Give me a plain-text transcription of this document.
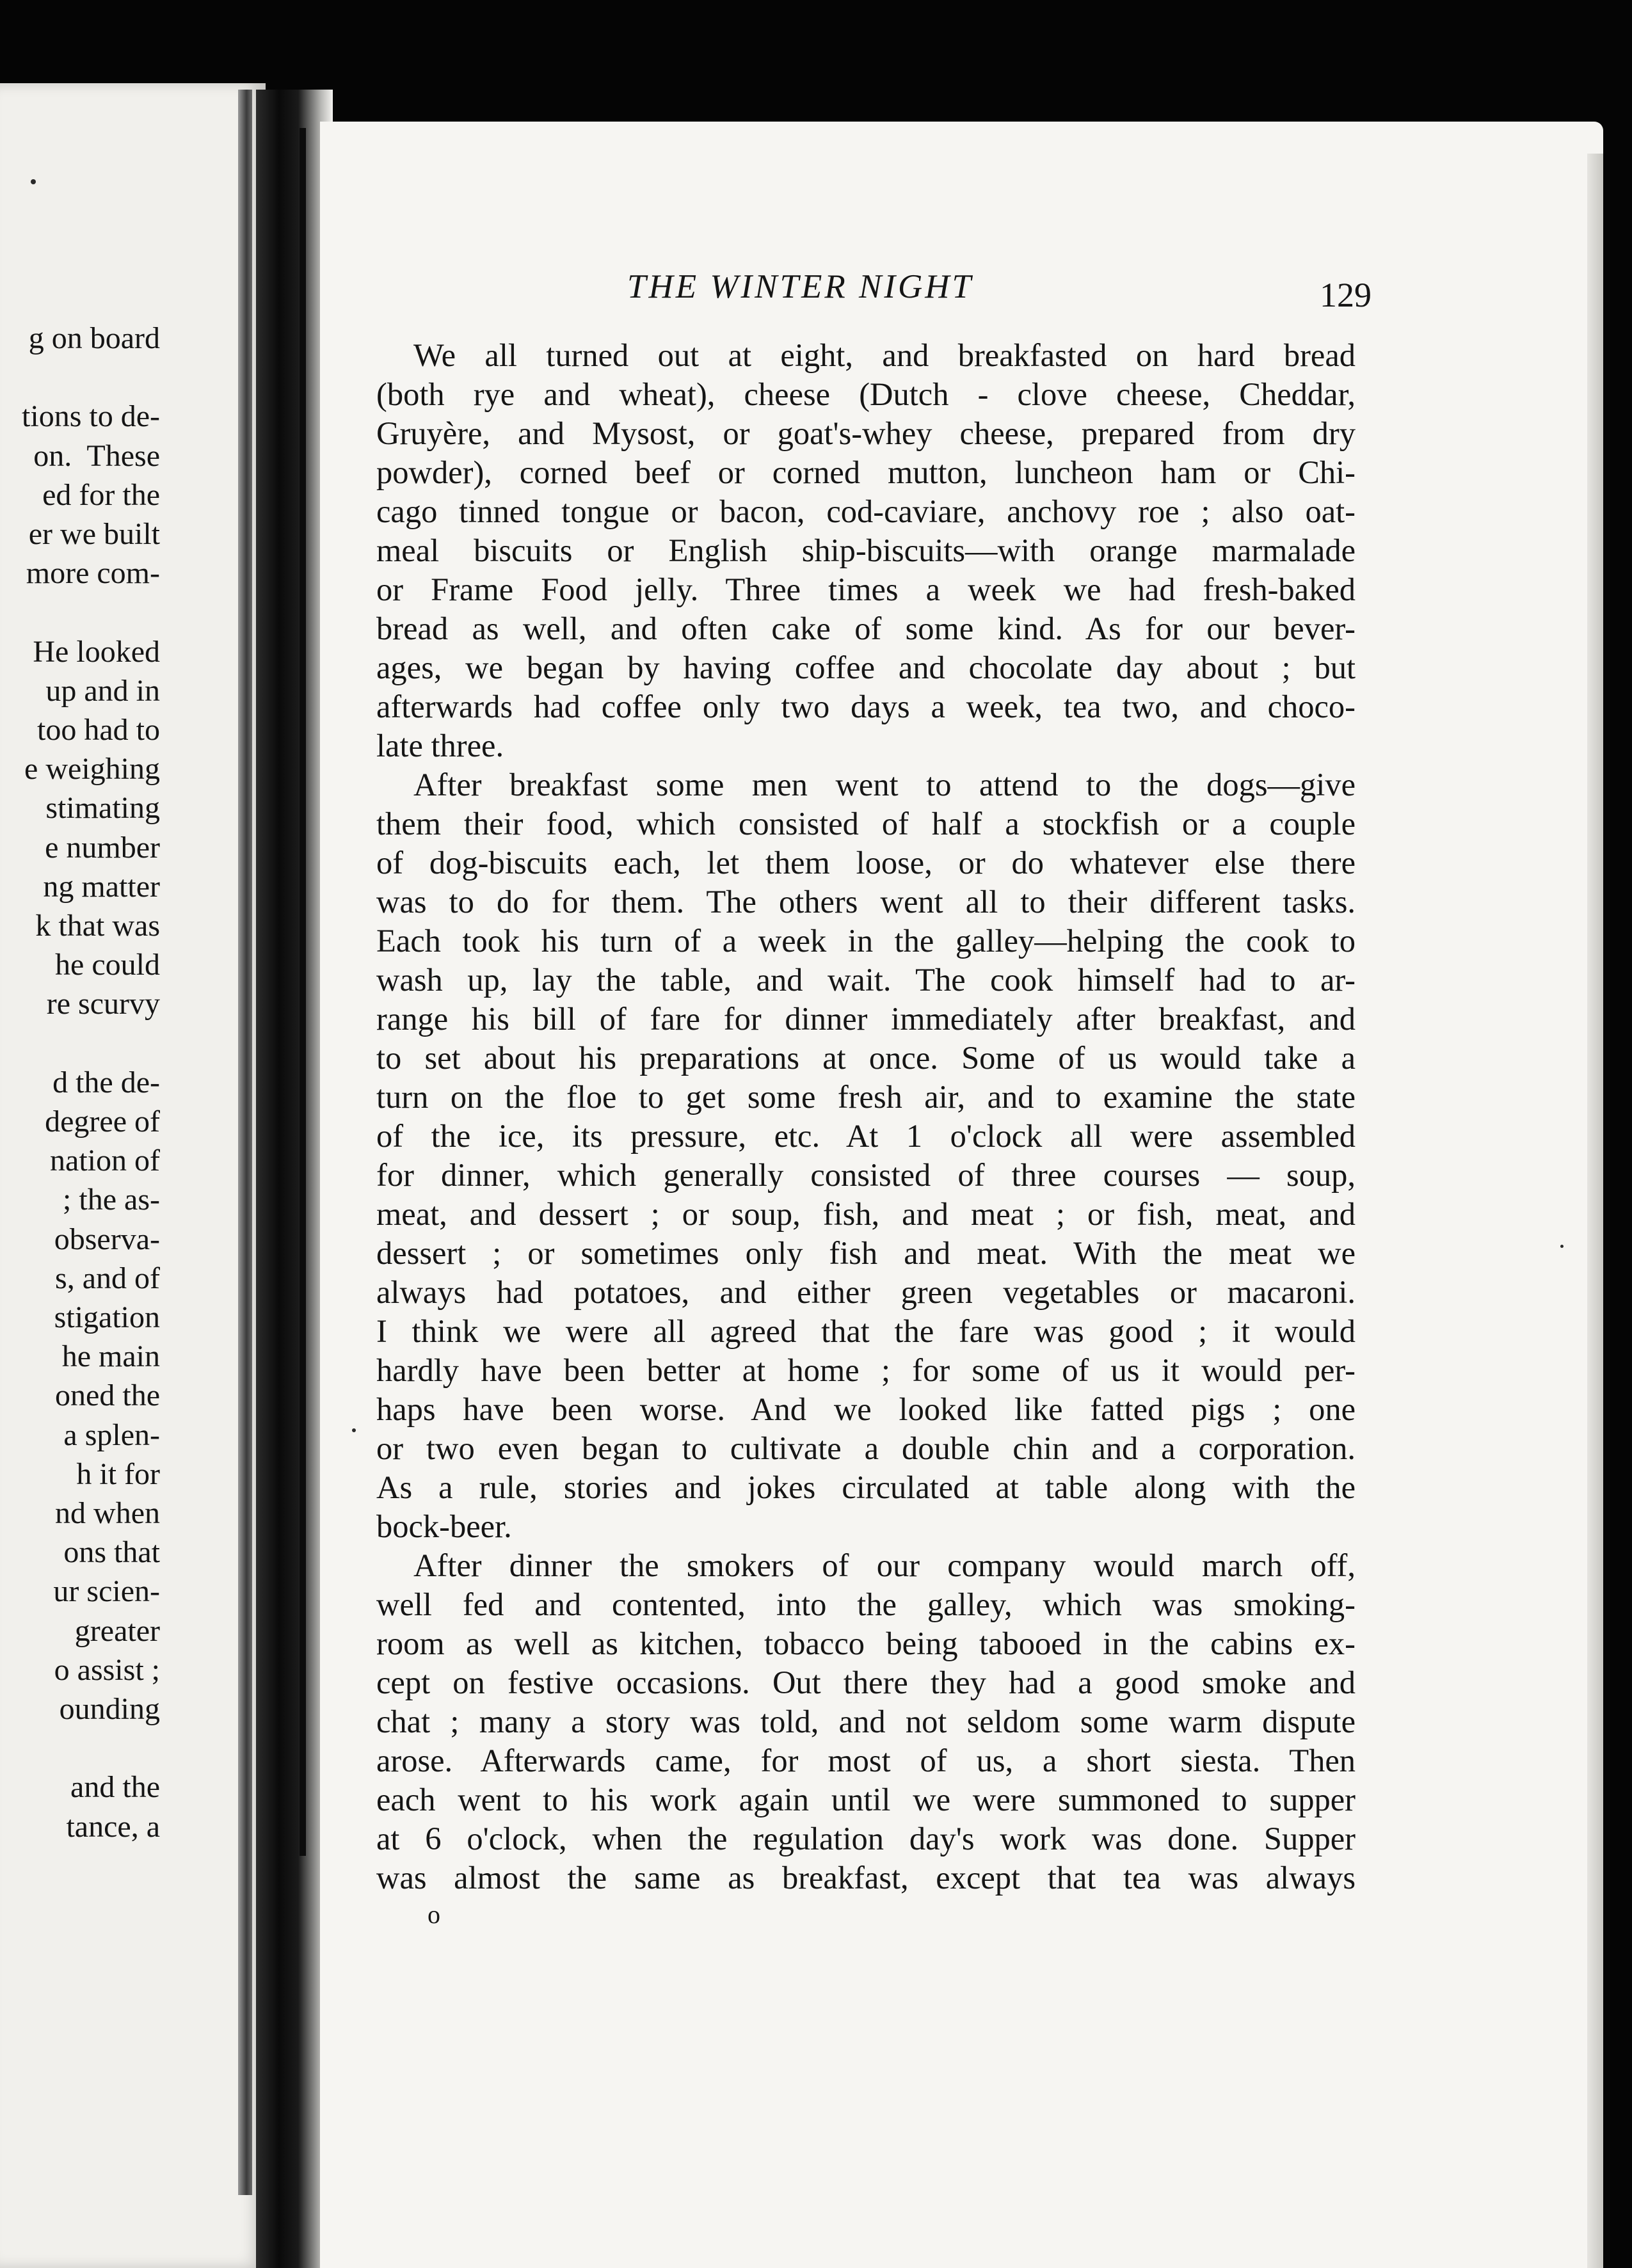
g on board
tions to de-
on.  These
ed for the
er we built
more com-
He looked
up and in
too had to
e weighing
stimating
e number
ng matter
k that was
he could
re scurvy
d the de-
degree of
nation of
; the as-
observa-
s, and of
stigation
he main
oned the
a splen-
h it for
nd when
ons that
ur scien-
greater
o assist ;
ounding
and the
tance, a
THE WINTER NIGHT	129
We all turned out at eight, and breakfasted on hard bread
(both rye and wheat), cheese (Dutch - clove cheese, Cheddar,
Gruyère, and Mysost, or goat's-whey cheese, prepared from dry
powder), corned beef or corned mutton, luncheon ham or Chi-
cago tinned tongue or bacon, cod-caviare, anchovy roe ; also oat-
meal biscuits or English ship-biscuits—with orange marmalade
or Frame Food jelly. Three times a week we had fresh-baked
bread as well, and often cake of some kind. As for our bever-
ages, we began by having coffee and chocolate day about ; but
afterwards had coffee only two days a week, tea two, and choco-
late three.
After breakfast some men went to attend to the dogs—give
them their food, which consisted of half a stockfish or a couple
of dog-biscuits each, let them loose, or do whatever else there
was to do for them. The others went all to their different tasks.
Each took his turn of a week in the galley—helping the cook to
wash up, lay the table, and wait. The cook himself had to ar-
range his bill of fare for dinner immediately after breakfast, and
to set about his preparations at once. Some of us would take a
turn on the floe to get some fresh air, and to examine the state
of the ice, its pressure, etc. At 1 o'clock all were assembled
for dinner, which generally consisted of three courses — soup,
meat, and dessert ; or soup, fish, and meat ; or fish, meat, and
dessert ; or sometimes only fish and meat. With the meat we
always had potatoes, and either green vegetables or macaroni.
I think we were all agreed that the fare was good ; it would
hardly have been better at home ; for some of us it would per-
haps have been worse. And we looked like fatted pigs ; one
or two even began to cultivate a double chin and a corporation.
As a rule, stories and jokes circulated at table along with the
bock-beer.
After dinner the smokers of our company would march off,
well fed and contented, into the galley, which was smoking-
room as well as kitchen, tobacco being tabooed in the cabins ex-
cept on festive occasions. Out there they had a good smoke and
chat ; many a story was told, and not seldom some warm dispute
arose. Afterwards came, for most of us, a short siesta. Then
each went to his work again until we were summoned to supper
at 6 o'clock, when the regulation day's work was done. Supper
was almost the same as breakfast, except that tea was always
o
